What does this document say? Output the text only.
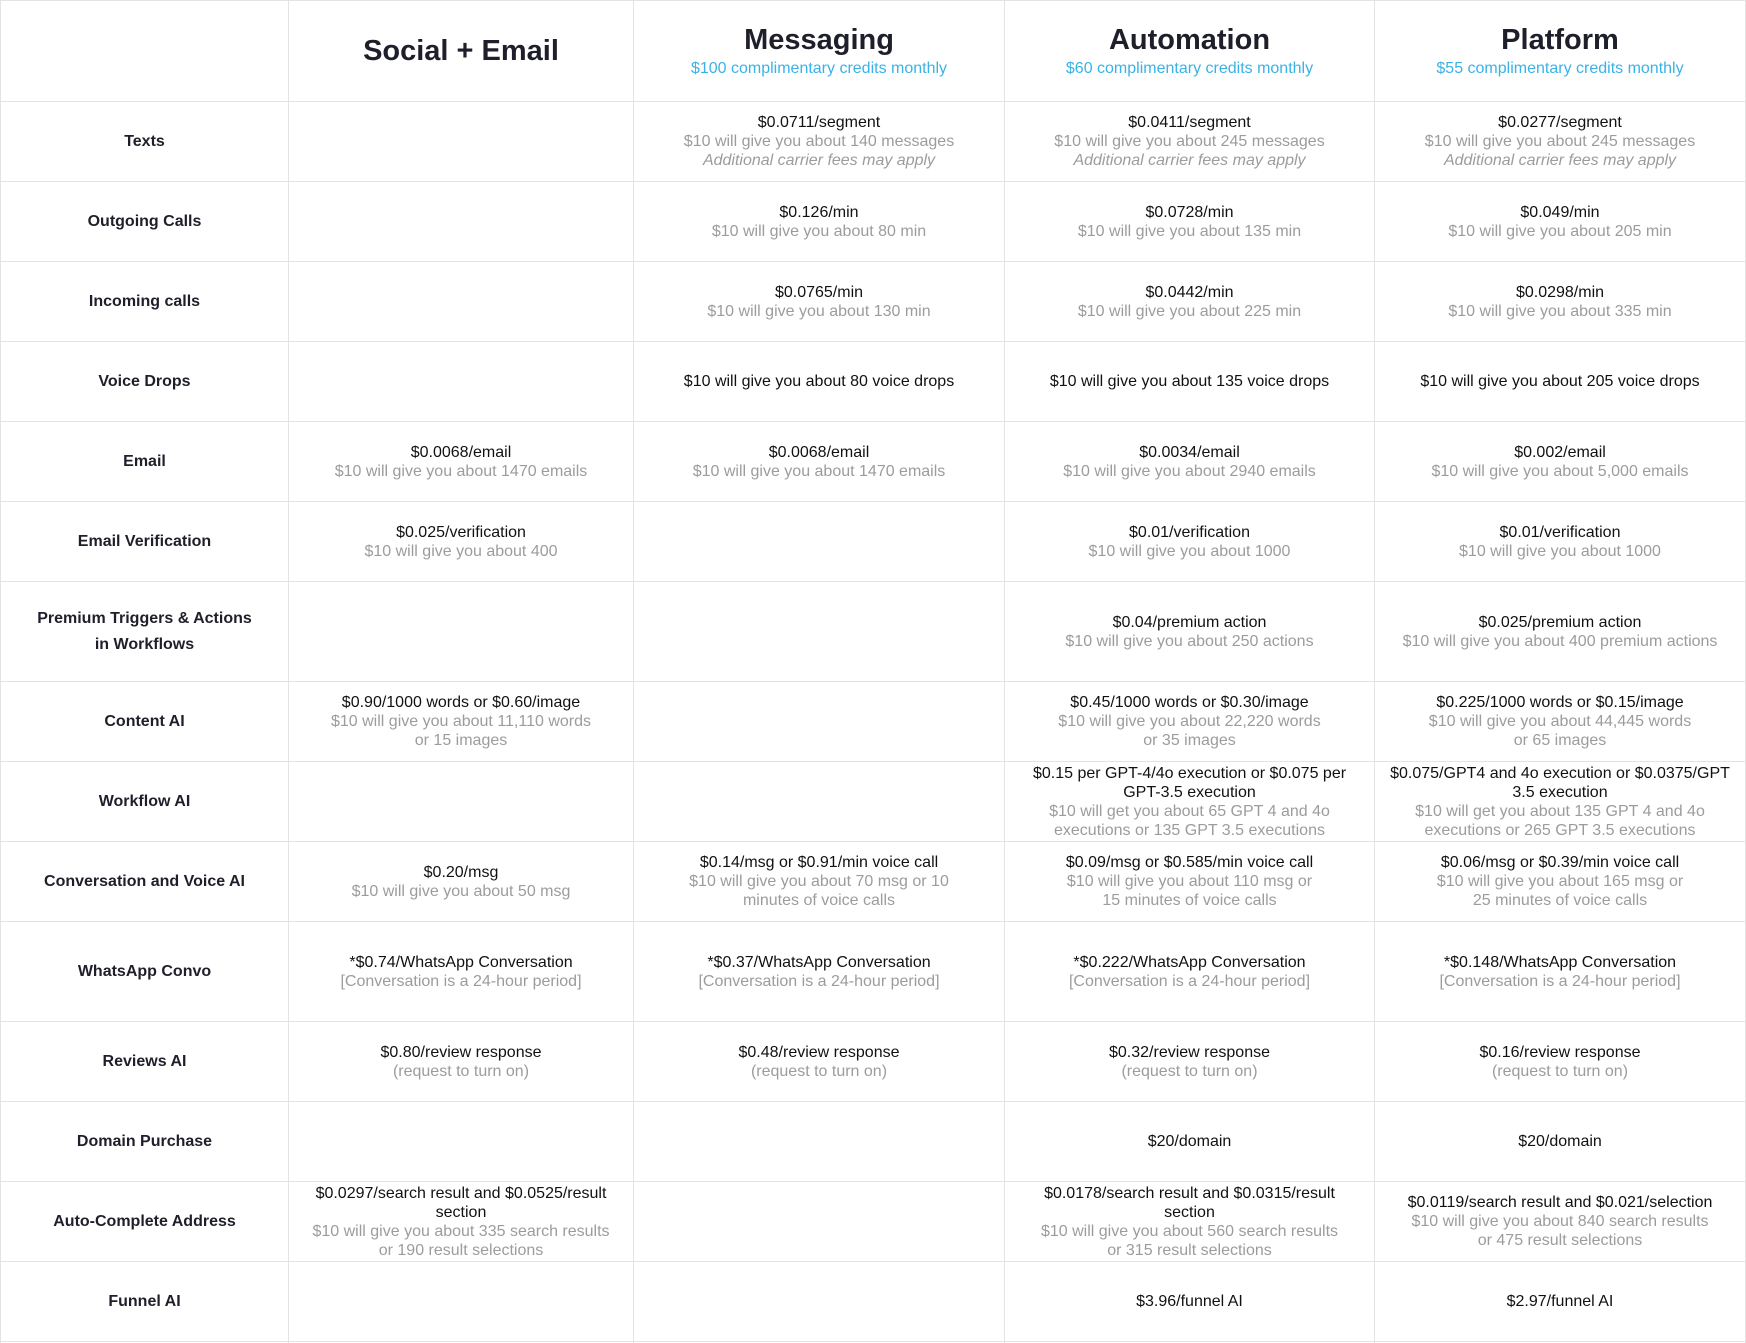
Texts
Outgoing Calls
Incoming calls
Voice Drops
Email
Email Verification
Premium Triggers & Actions
in Workflows
Content AI
Workflow AI
Conversation and Voice AI
WhatsApp Convo
Reviews AI
Domain Purchase
Auto-Complete Address
Funnel AI
Social + Email
$0.0068/email
$10 will give you about 1470 emails
$0.025/verification
$10 will give you about 400
$0.90/1000 words or $0.60/image
$10 will give you about 11,110 words
or 15 images
$0.20/msg
$10 will give you about 50 msg
*$0.74/WhatsApp Conversation
[Conversation is a 24-hour period]
$0.80/review response
(request to turn on)
$0.0297/search result and $0.0525/result
section
$10 will give you about 335 search results
or 190 result selections
Messaging
$100 complimentary credits monthly
$0.0711/segment
$10 will give you about 140 messages
Additional carrier fees may apply
$0.126/min
$10 will give you about 80 min
$0.0765/min
$10 will give you about 130 min
$10 will give you about 80 voice drops
$0.0068/email
$10 will give you about 1470 emails
$0.14/msg or $0.91/min voice call
$10 will give you about 70 msg or 10
minutes of voice calls
*$0.37/WhatsApp Conversation
[Conversation is a 24-hour period]
$0.48/review response
(request to turn on)
Automation
$60 complimentary credits monthly
$0.0411/segment
$10 will give you about 245 messages
Additional carrier fees may apply
$0.0728/min
$10 will give you about 135 min
$0.0442/min
$10 will give you about 225 min
$10 will give you about 135 voice drops
$0.0034/email
$10 will give you about 2940 emails
$0.01/verification
$10 will give you about 1000
$0.04/premium action
$10 will give you about 250 actions
$0.45/1000 words or $0.30/image
$10 will give you about 22,220 words
or 35 images
$0.15 per GPT-4/4o execution or $0.075 per
GPT-3.5 execution
$10 will get you about 65 GPT 4 and 4o
executions or 135 GPT 3.5 executions
$0.09/msg or $0.585/min voice call
$10 will give you about 110 msg or
15 minutes of voice calls
*$0.222/WhatsApp Conversation
[Conversation is a 24-hour period]
$0.32/review response
(request to turn on)
$20/domain
$0.0178/search result and $0.0315/result
section
$10 will give you about 560 search results
or 315 result selections
$3.96/funnel AI
Platform
$55 complimentary credits monthly
$0.0277/segment
$10 will give you about 245 messages
Additional carrier fees may apply
$0.049/min
$10 will give you about 205 min
$0.0298/min
$10 will give you about 335 min
$10 will give you about 205 voice drops
$0.002/email
$10 will give you about 5,000 emails
$0.01/verification
$10 will give you about 1000
$0.025/premium action
$10 will give you about 400 premium actions
$0.225/1000 words or $0.15/image
$10 will give you about 44,445 words
or 65 images
$0.075/GPT4 and 4o execution or $0.0375/GPT
3.5 execution
$10 will get you about 135 GPT 4 and 4o
executions or 265 GPT 3.5 executions
$0.06/msg or $0.39/min voice call
$10 will give you about 165 msg or
25 minutes of voice calls
*$0.148/WhatsApp Conversation
[Conversation is a 24-hour period]
$0.16/review response
(request to turn on)
$20/domain
$0.0119/search result and $0.021/selection
$10 will give you about 840 search results
or 475 result selections
$2.97/funnel AI
